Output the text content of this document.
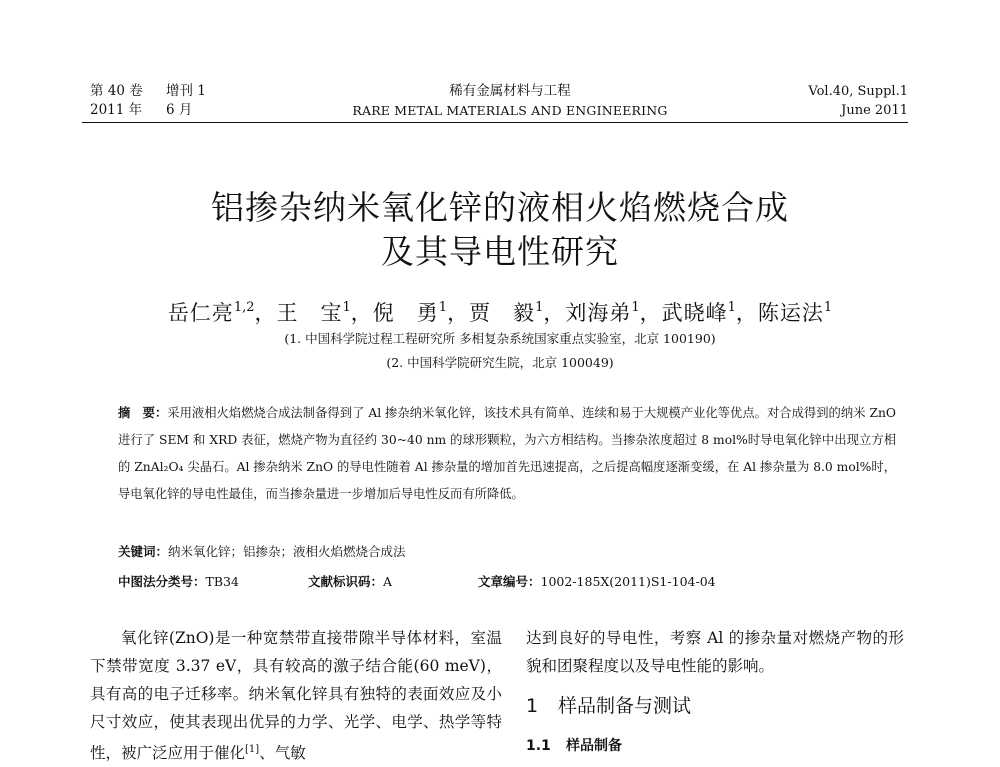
第 40 卷 增刊 1
2011 年 6 月
稀有金属材料与工程
RARE METAL MATERIALS AND ENGINEERING
Vol.40, Suppl.1
June 2011
铝掺杂纳米氧化锌的液相火焰燃烧合成
及其导电性研究
岳仁亮$^{1,2}$，王　宝$^1$，倪　勇$^1$，贾　毅$^1$，刘海弟$^1$，武晓峰$^1$，陈运法$^1$
(1. 中国科学院过程工程研究所 多相复杂系统国家重点实验室，北京 100190)
(2. 中国科学院研究生院，北京 100049)
摘　要：采用液相火焰燃烧合成法制备得到了 Al 掺杂纳米氧化锌，该技术具有简单、连续和易于大规模产业化等优点。对合成得到的纳米 ZnO 进行了 SEM 和 XRD 表征，燃烧产物为直径约 30~40 nm 的球形颗粒，为六方相结构。当掺杂浓度超过 8 mol%时导电氧化锌中出现立方相的 ZnAl₂O₄ 尖晶石。Al 掺杂纳米 ZnO 的导电性随着 Al 掺杂量的增加首先迅速提高，之后提高幅度逐渐变缓，在 Al 掺杂量为 8.0 mol%时，导电氧化锌的导电性最佳，而当掺杂量进一步增加后导电性反而有所降低。
关键词：纳米氧化锌；铝掺杂；液相火焰燃烧合成法
中图法分类号：TB34	文献标识码：A	文章编号：1002-185X(2011)S1-104-04

氧化锌(ZnO)是一种宽禁带直接带隙半导体材料，室温下禁带宽度 3.37 eV，具有较高的激子结合能(60 meV)，具有高的电子迁移率。纳米氧化锌具有独特的表面效应及小尺寸效应，使其表现出优异的力学、光学、电学、热学等特性，被广泛应用于催化[1]、气敏

达到良好的导电性，考察 Al 的掺杂量对燃烧产物的形貌和团聚程度以及导电性能的影响。

1 样品制备与测试
1.1 样品制备
